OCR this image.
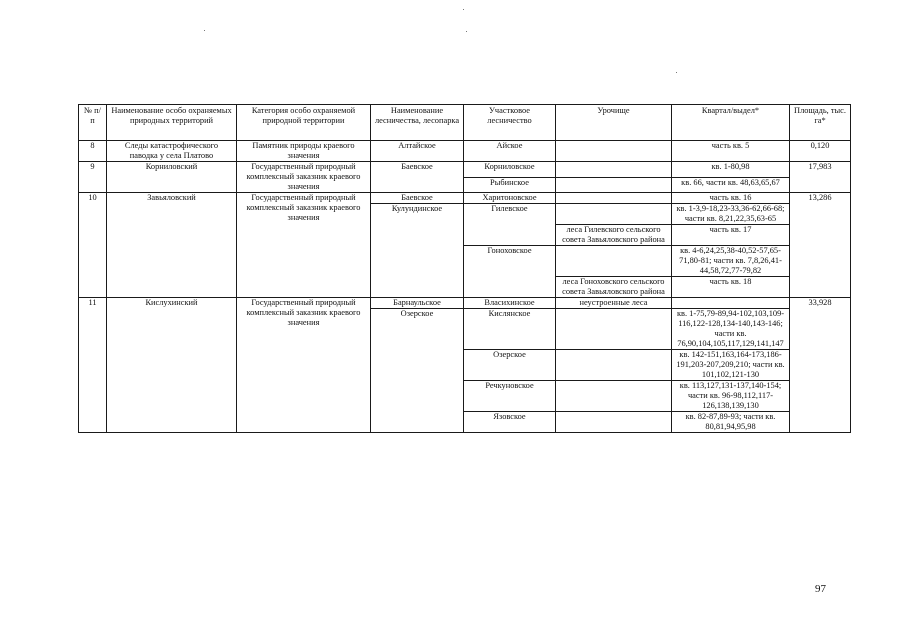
№ п/п	Наименование особо охраняемых природных территорий	Категория особо охраняемой природной территории	Наименование лесничества, лесопарка	Участковое лесничество	Урочище	Квартал/выдел*	Площадь, тыс. га*
8	Следы катастрофического паводка у села Платово	Памятник природы краевого значения	Алтайское	Айское		часть кв. 5	0,120
9	Корниловский	Государственный природный комплексный заказник краевого значения	Баевское	Корниловское		кв. 1-80,98	17,983
				Рыбинское		кв. 66, части кв. 48,63,65,67	
10	Завьяловский	Государственный природный комплексный заказник краевого значения	Баевское	Харитоновское		часть кв. 16	13,286
			Кулундинское	Гилевское		кв. 1-3,9-18,23-33,36-62,66-68; части кв. 8,21,22,35,63-65	
					леса Гилевского сельского совета Завьяловского района	часть кв. 17	
				Гоноховское		кв. 4-6,24,25,38-40,52-57,65-71,80-81; части кв. 7,8,26,41-44,58,72,77-79,82	
					леса Гоноховского сельского совета Завьяловского района	часть кв. 18	
11	Кислухинский	Государственный природный комплексный заказник краевого значения	Барнаульское	Власихинское	неустроенные леса		33,928
			Озерское	Кислянское		кв. 1-75,79-89,94-102,103,109-116,122-128,134-140,143-146; части кв. 76,90,104,105,117,129,141,147	
				Озерское		кв. 142-151,163,164-173,186-191,203-207,209,210; части кв. 101,102,121-130	
				Речкуновское		кв. 113,127,131-137,140-154; части кв. 96-98,112,117-126,138,139,130	
				Язовское		кв. 82-87,89-93; части кв. 80,81,94,95,98	
97
